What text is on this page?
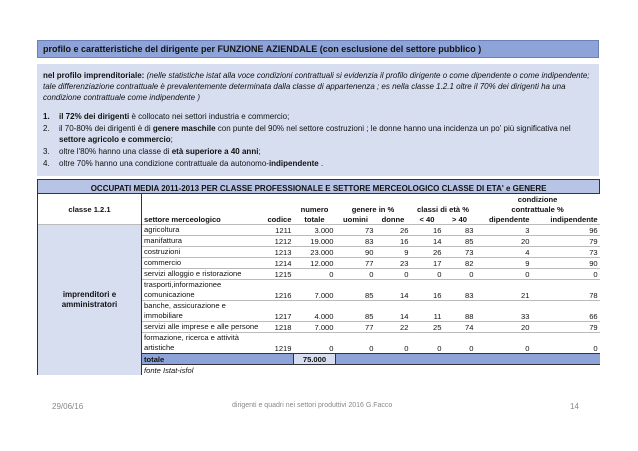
profilo e caratteristiche del dirigente per FUNZIONE AZIENDALE (con esclusione del settore pubblico )

nel profilo imprenditoriale: (nelle statistiche istat alla voce condizioni contrattuali si evidenzia il profilo dirigente o come dipendente o come indipendente; tale differenziazione contrattuale è prevalentemente determinata dalla classe di appartenenza ; es nella classe 1.2.1 oltre il 70% dei dirigenti ha una condizione contrattuale come indipendente )

1. il 72% dei dirigenti è collocato nei settori industria e commercio;
2. il 70-80% dei dirigenti è di genere maschile con punte del 90% nel settore costruzioni ; le donne hanno una incidenza un po' più significativa nel settore agricolo e commercio;
3. oltre l'80% hanno una classe di età superiore a 40 anni;
4. oltre 70% hanno una condizione contrattuale da autonomo-indipendente .
OCCUPATI MEDIA 2011-2013 PER CLASSE PROFESSIONALE E SETTORE MERCEOLOGICO CLASSE DI ETA' e GENERE									
classe 1.2.1								condizione	
			numero	genere in %		classi di età %		contrattuale %	
	settore merceologico	codice	totale	uomini	donne	< 40	> 40	dipendente	indipendente
imprenditori e amministratori	agricoltura	1211	3.000	73	26	16	83	3	96
	manifattura	1212	19.000	83	16	14	85	20	79
	costruzioni	1213	23.000	90	9	26	73	4	73
	commercio	1214	12.000	77	23	17	82	9	90
	servizi alloggio e ristorazione	1215	0	0	0	0	0	0	0
	trasporti,informazionee comunicazione	1216	7.000	85	14	16	83	21	78
	banche, assicurazione e immobiliare	1217	4.000	85	14	11	88	33	66
	servizi alle imprese e alle persone	1218	7.000	77	22	25	74	20	79
	formazione, ricerca e attività artistiche	1219	0	0	0	0	0	0	0
	totale		75.000						
	fonte Istat-isfol								
29/06/16	dirigenti e quadri nei settori produttivi 2016 G.Facco	14
